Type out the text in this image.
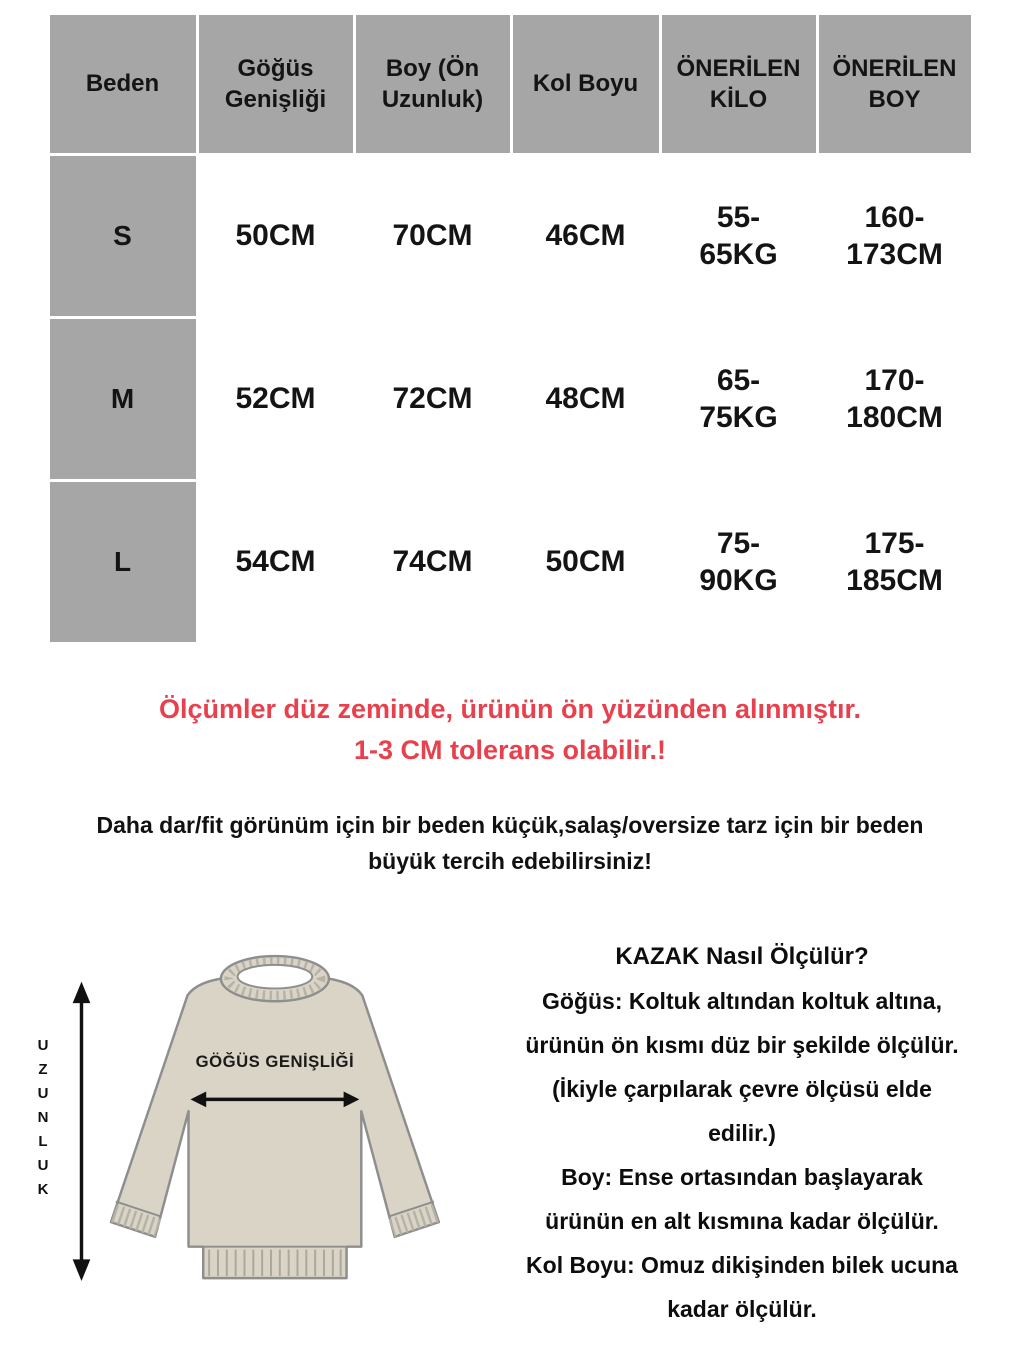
Beden	Göğüs Genişliği	Boy (Ön Uzunluk)	Kol Boyu	ÖNERİLEN KİLO	ÖNERİLEN BOY
S	50CM	70CM	46CM	55-65KG	160-173CM
M	52CM	72CM	48CM	65-75KG	170-180CM
L	54CM	74CM	50CM	75-90KG	175-185CM
Ölçümler düz zeminde, ürünün ön yüzünden alınmıştır.
1-3 CM tolerans olabilir.!
Daha dar/fit görünüm için bir beden küçük,salaş/oversize tarz için bir beden büyük tercih edebilirsiniz!
UZUNLUK	GÖĞÜS GENİŞLİĞİ
KAZAK Nasıl Ölçülür?
Göğüs: Koltuk altından koltuk altına,
ürünün ön kısmı düz bir şekilde ölçülür.
(İkiyle çarpılarak çevre ölçüsü elde
edilir.)
Boy: Ense ortasından başlayarak
ürünün en alt kısmına kadar ölçülür.
Kol Boyu: Omuz dikişinden bilek ucuna
kadar ölçülür.
